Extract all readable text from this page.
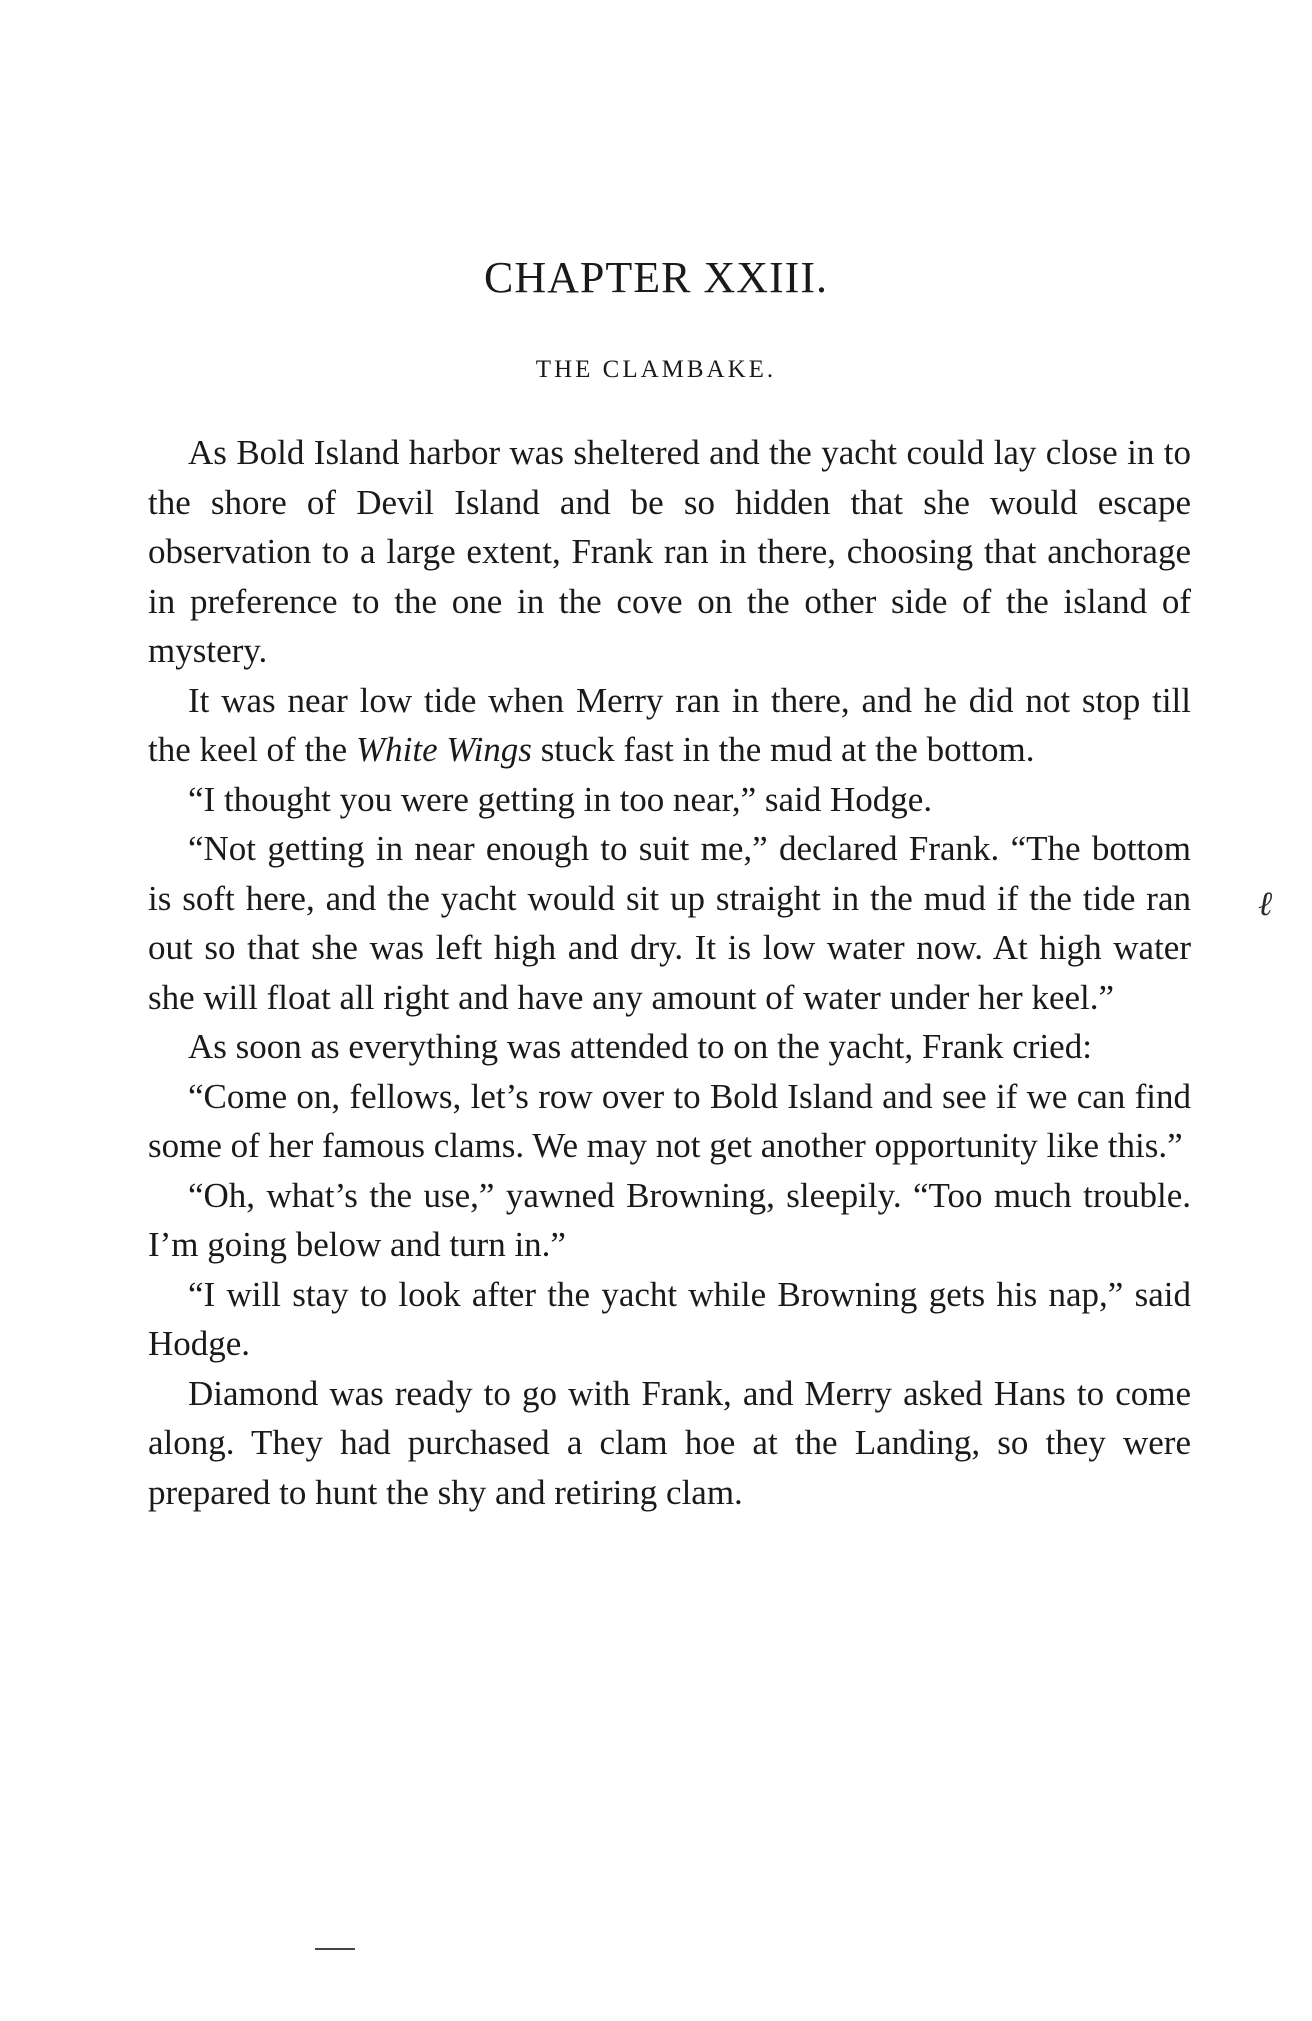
CHAPTER XXIII.
THE CLAMBAKE.

As Bold Island harbor was sheltered and the yacht could lay close in to the shore of Devil Island and be so hidden that she would escape observation to a large extent, Frank ran in there, choosing that anchorage in preference to the one in the cove on the other side of the island of mystery.

It was near low tide when Merry ran in there, and he did not stop till the keel of the White Wings stuck fast in the mud at the bottom.

“I thought you were getting in too near,” said Hodge.

“Not getting in near enough to suit me,” declared Frank. “The bottom is soft here, and the yacht would sit up straight in the mud if the tide ran out so that she was left high and dry. It is low water now. At high water she will float all right and have any amount of water under her keel.”

As soon as everything was attended to on the yacht, Frank cried:

“Come on, fellows, let’s row over to Bold Island and see if we can find some of her famous clams. We may not get another opportunity like this.”

“Oh, what’s the use,” yawned Browning, sleepily. “Too much trouble. I’m going below and turn in.”

“I will stay to look after the yacht while Browning gets his nap,” said Hodge.

Diamond was ready to go with Frank, and Merry asked Hans to come along. They had purchased a clam hoe at the Landing, so they were prepared to hunt the shy and retiring clam.

ℓ
